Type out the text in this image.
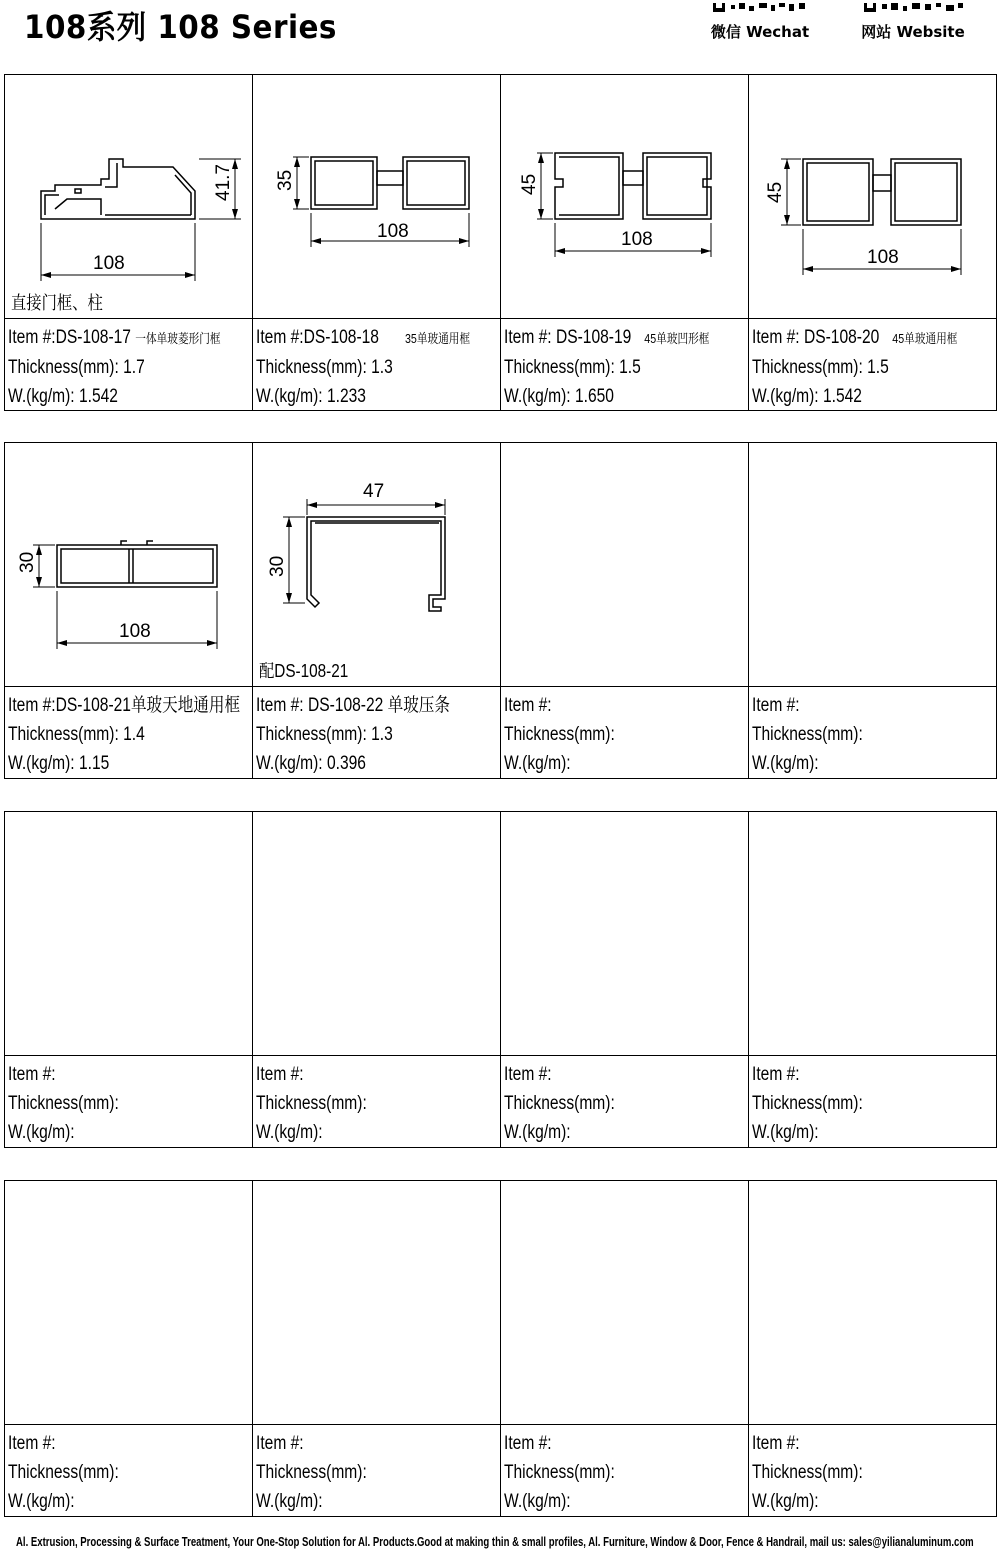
108系列 108 Series	微信 Wechat	网站 Website
108
41.7
直接门框、柱
108
35
108
45
108
45
Item #:DS-108-17 一体单玻菱形门框
Thickness(mm): 1.7
W.(kg/m): 1.542
Item #:DS-108-18 35单玻通用框
Thickness(mm): 1.3
W.(kg/m): 1.233
Item #: DS-108-19 45单玻凹形框
Thickness(mm): 1.5
W.(kg/m): 1.650
Item #: DS-108-20 45单玻通用框
Thickness(mm): 1.5
W.(kg/m): 1.542
108
30
47
30
配DS-108-21
Item #:DS-108-21单玻天地通用框
Thickness(mm): 1.4
W.(kg/m): 1.15
Item #: DS-108-22 单玻压条
Thickness(mm): 1.3
W.(kg/m): 0.396
Item #:
Thickness(mm):
W.(kg/m):
Item #:
Thickness(mm):
W.(kg/m):
Item #:
Thickness(mm):
W.(kg/m):
Item #:
Thickness(mm):
W.(kg/m):
Item #:
Thickness(mm):
W.(kg/m):
Item #:
Thickness(mm):
W.(kg/m):
Item #:
Thickness(mm):
W.(kg/m):
Item #:
Thickness(mm):
W.(kg/m):
Item #:
Thickness(mm):
W.(kg/m):
Item #:
Thickness(mm):
W.(kg/m):
Al. Extrusion, Processing & Surface Treatment, Your One-Stop Solution for Al. Products.Good at making thin & small profiles, Al. Furniture, Window & Door, Fence & Handrail, mail us: sales@yilianaluminum.com
